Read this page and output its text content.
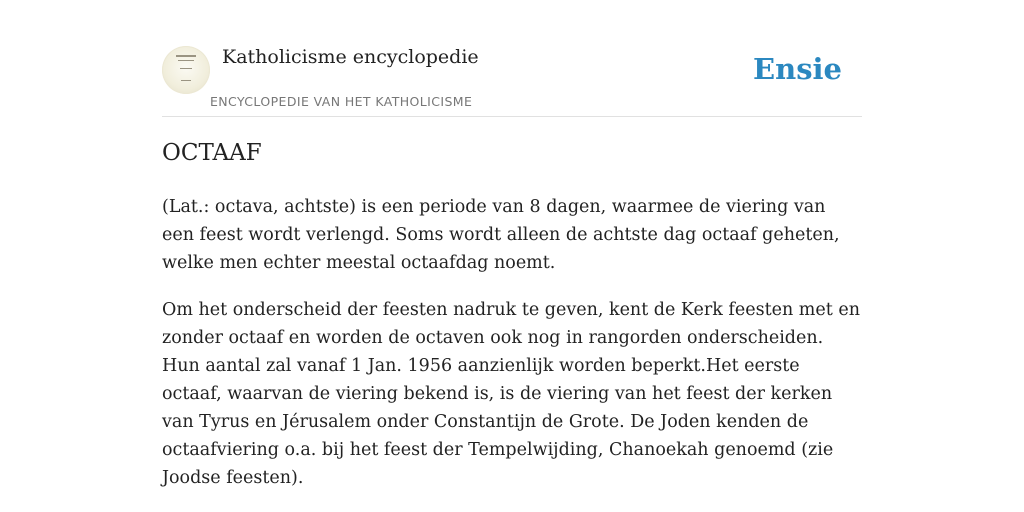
Katholicisme encyclopedie
ENCYCLOPEDIE VAN HET KATHOLICISME
Ensie
OCTAAF

(Lat.: octava, achtste) is een periode van 8 dagen, waarmee de viering van een feest wordt verlengd. Soms wordt alleen de achtste dag octaaf geheten, welke men echter meestal octaafdag noemt.

Om het onderscheid der feesten nadruk te geven, kent de Kerk feesten met en zonder octaaf en worden de octaven ook nog in rangorden onderscheiden. Hun aantal zal vanaf 1 Jan. 1956 aanzienlijk worden beperkt.Het eerste octaaf, waarvan de viering bekend is, is de viering van het feest der kerken van Tyrus en Jérusalem onder Constantijn de Grote. De Joden kenden de octaafviering o.a. bij het feest der Tempelwijding, Chanoekah genoemd (zie Joodse feesten).
